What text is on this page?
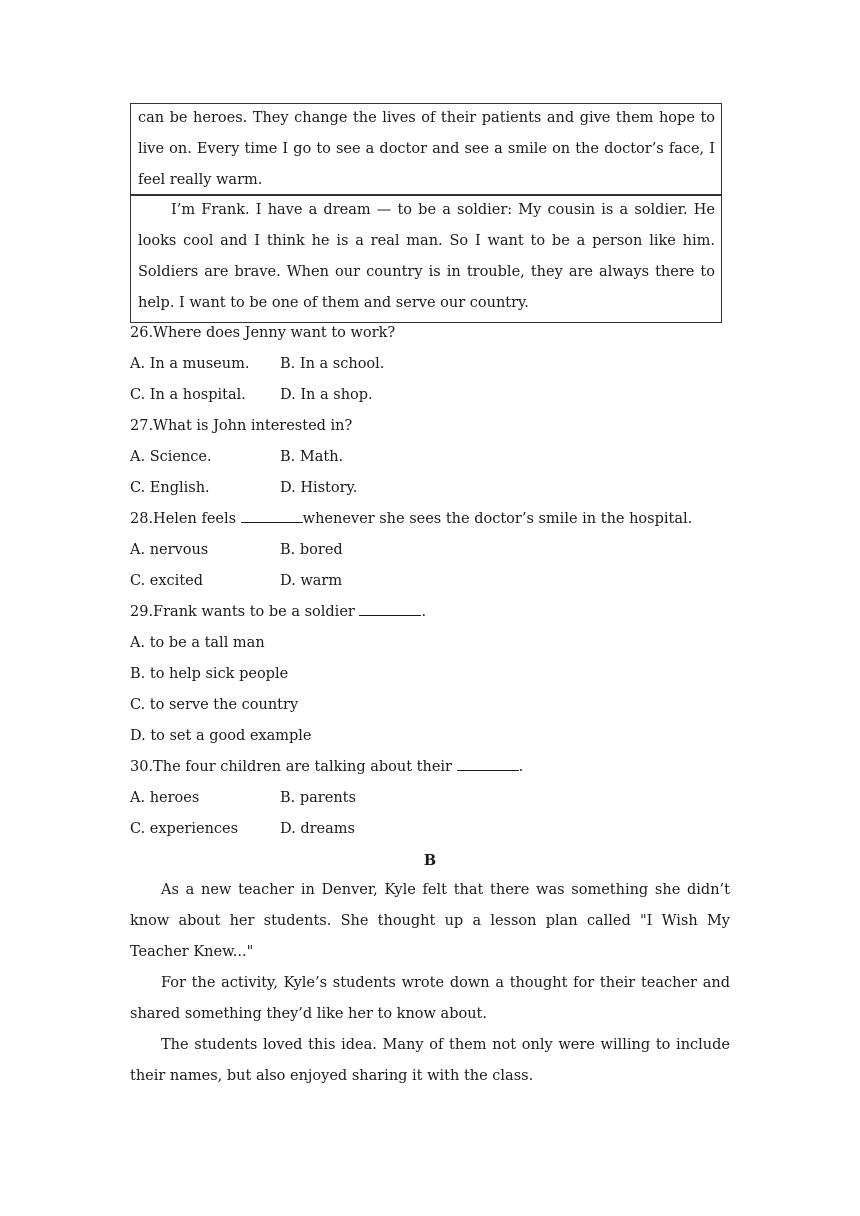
can be heroes. They change the lives of their patients and give them hope to live on. Every time I go to see a doctor and see a smile on the doctor’s face, I feel really warm.

I’m Frank. I have a dream — to be a soldier: My cousin is a soldier. He looks cool and I think he is a real man. So I want to be a person like him. Soldiers are brave. When our country is in trouble, they are always there to help. I want to be one of them and serve our country.

26.Where does Jenny want to work?
A. In a museum.	B. In a school.
C. In a hospital.	D. In a shop.
27.What is John interested in?
A. Science.	B. Math.
C. English.	D. History.
28.Helen feels	whenever she sees the doctor’s smile in the hospital.
A. nervous	B. bored
C. excited	D. warm
29.Frank wants to be a soldier	.
A. to be a tall man
B. to help sick people
C. to serve the country
D. to set a good example
30.The four children are talking about their	.
A. heroes	B. parents
C. experiences	D. dreams
B
As a new teacher in Denver, Kyle felt that there was something she didn’t know about her students. She thought up a lesson plan called "I Wish My Teacher Knew..."
For the activity, Kyle’s students wrote down a thought for their teacher and shared something they’d like her to know about.
The students loved this idea. Many of them not only were willing to include their names, but also enjoyed sharing it with the class.
